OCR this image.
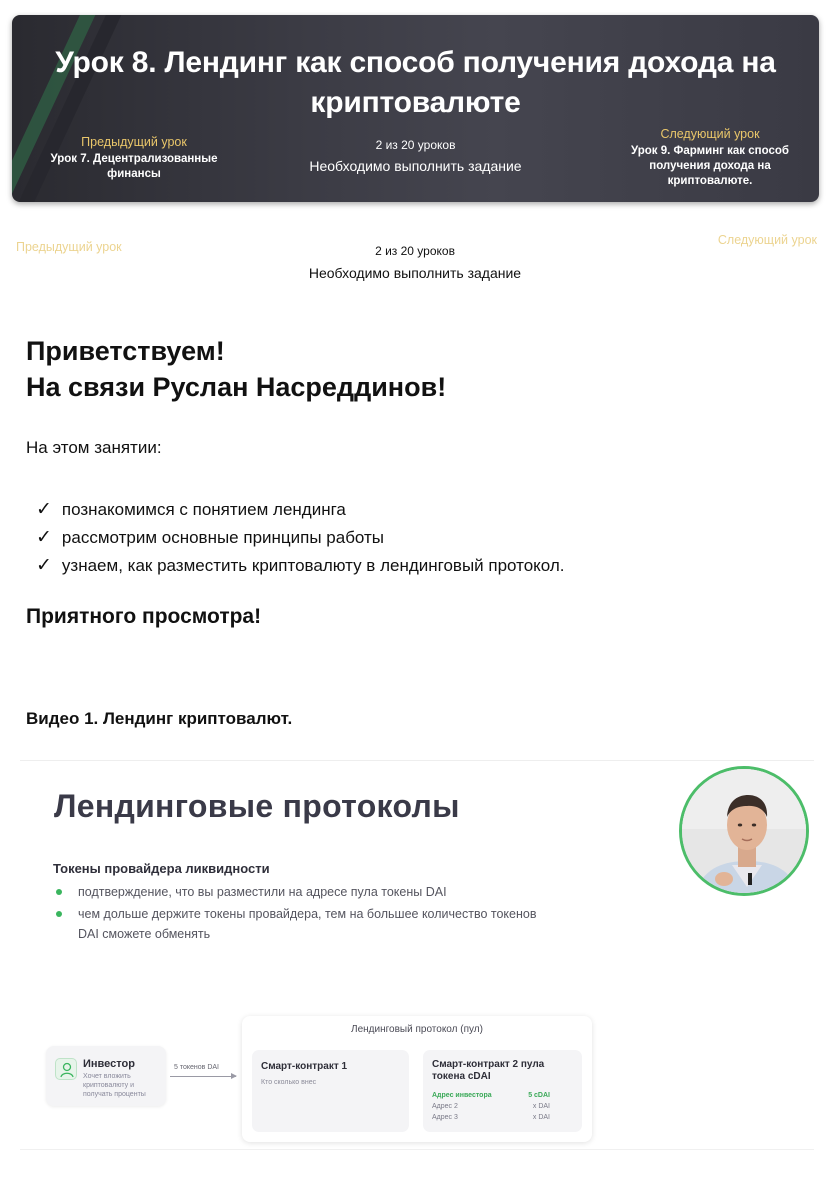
Урок 8. Лендинг как способ получения дохода на криптовалюте
Предыдущий урок
Урок 7. Децентрализованные финансы
2 из 20 уроков
Необходимо выполнить задание
Следующий урок
Урок 9. Фарминг как способ получения дохода на криптовалюте.
Предыдущий урок	2 из 20 уроков
Необходимо выполнить задание
Следующий урок
Приветствуем!
На связи Руслан Насреддинов!
На этом занятии:
✓ познакомимся с понятием лендинга
✓ рассмотрим основные принципы работы
✓ узнаем, как разместить криптовалюту в лендинговый протокол.
Приятного просмотра!
Видео 1. Лендинг криптовалют.
Лендинговые протоколы
Токены провайдера ликвидности
подтверждение, что вы разместили на адресе пула токены DAI
чем дольше держите токены провайдера, тем на большее количество токенов DAI сможете обменять
Инвестор
Хочет вложить криптовалюту и получать проценты
5 токенов DAI
Лендинговый протокол (пул)
Смарт-контракт 1
Кто сколько внес
Смарт-контракт 2 пула токена cDAI
Адрес инвестора	5 cDAI
Адрес 2	x DAI
Адрес 3	x DAI
